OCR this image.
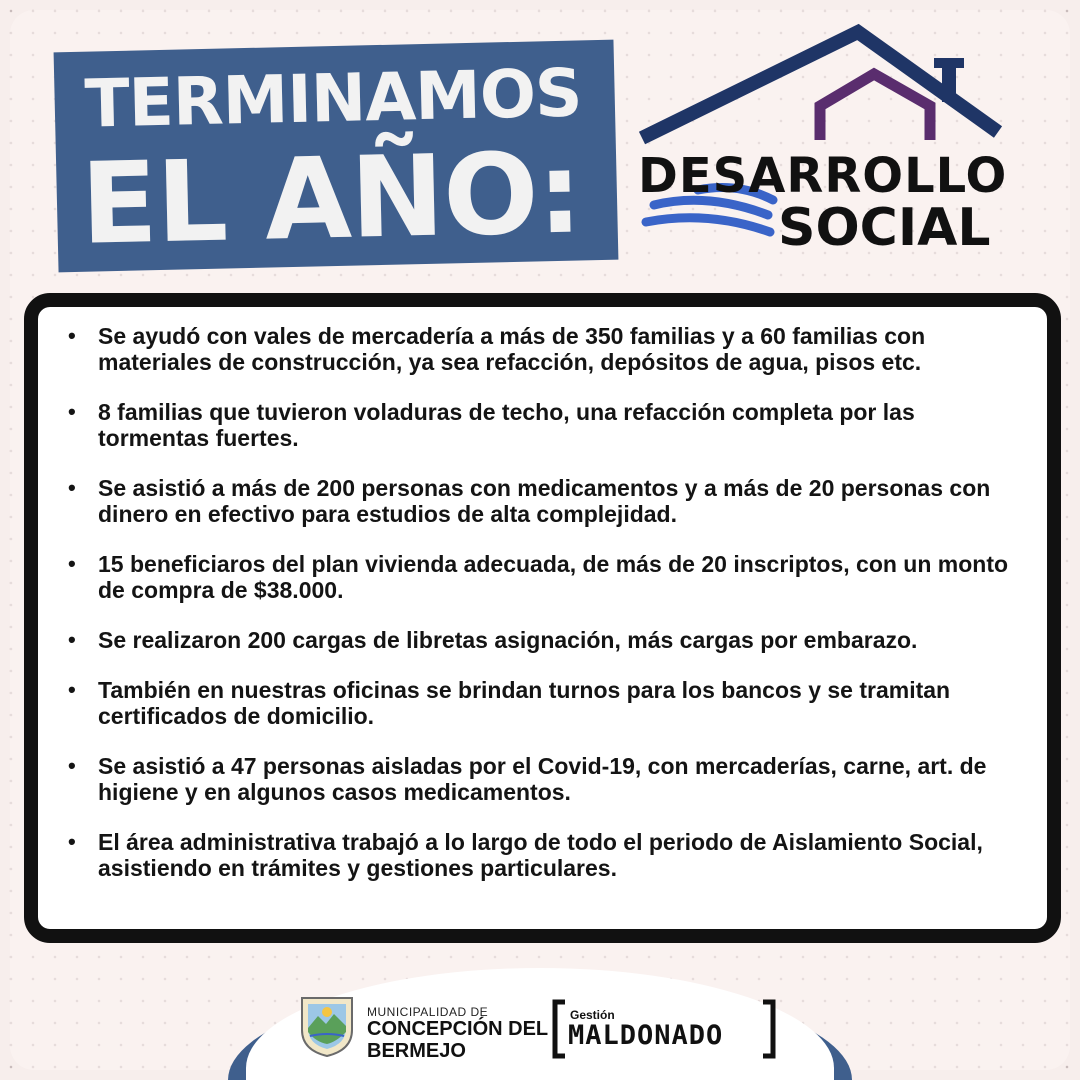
TERMINAMOS
EL AÑO:	DESARROLLO
SOCIAL
• Se ayudó con vales de mercadería a más de 350 familias y a 60 familias con materiales de construcción, ya sea refacción, depósitos de agua, pisos etc.
• 8 familias que tuvieron voladuras de techo, una refacción completa por las tormentas fuertes.
• Se asistió a más de 200 personas con medicamentos y a más de 20 personas con dinero en efectivo para estudios de alta complejidad.
• 15 beneficiaros del plan vivienda adecuada, de más de 20 inscriptos, con un monto de compra de $38.000.
• Se realizaron 200 cargas de libretas asignación, más cargas por embarazo.
• También en nuestras oficinas se brindan turnos para los bancos y se tramitan certificados de domicilio.
• Se asistió a 47 personas aisladas por el Covid-19, con mercaderías, carne, art. de higiene y en algunos casos medicamentos.
• El área administrativa trabajó a lo largo de todo el periodo de Aislamiento Social, asistiendo en trámites y gestiones particulares.
MUNICIPALIDAD DE
CONCEPCIÓN DEL
BERMEJO
Gestión
MALDONADO
